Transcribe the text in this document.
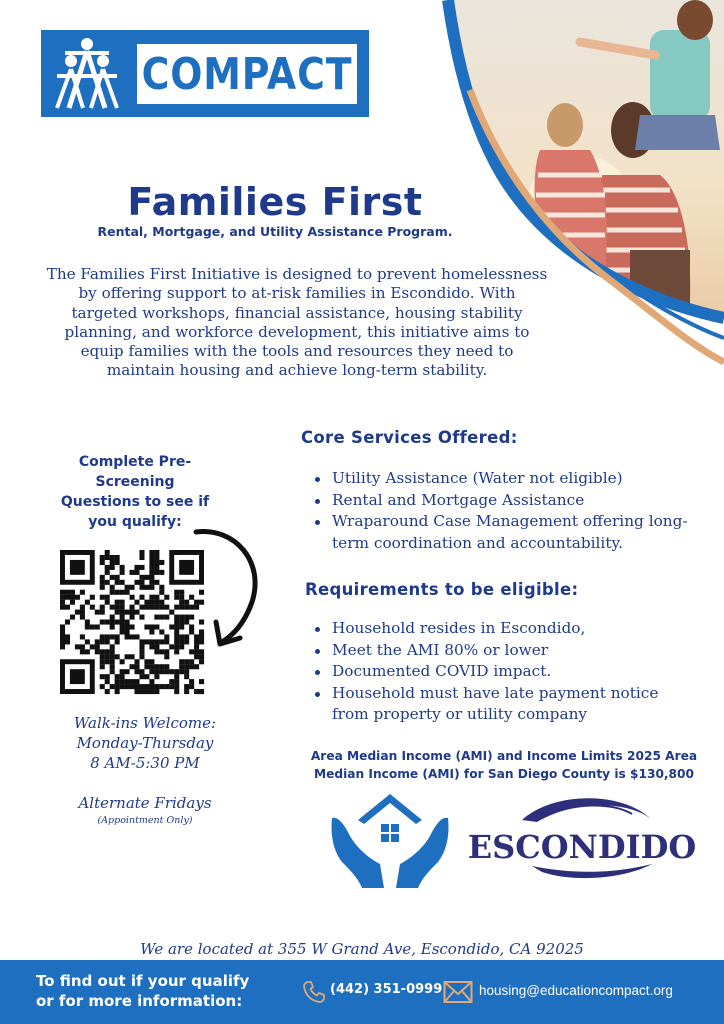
COMPACT
Families First
Rental, Mortgage, and Utility Assistance Program.
The Families First Initiative is designed to prevent homelessness
by offering support to at-risk families in Escondido. With
targeted workshops, financial assistance, housing stability
planning, and workforce development, this initiative aims to
equip families with the tools and resources they need to
maintain housing and achieve long-term stability.
Complete Pre-
Screening
Questions to see if
you qualify:
Walk-ins Welcome:
Monday-Thursday
8 AM-5:30 PM
Alternate Fridays
(Appointment Only)
Core Services Offered:
Utility Assistance (Water not eligible)
Rental and Mortgage Assistance
Wraparound Case Management offering long-term coordination and accountability.
Requirements to be eligible:
Household resides in Escondido,
Meet the AMI 80% or lower
Documented COVID impact.
Household must have late payment notice from property or utility company
Area Median Income (AMI) and Income Limits 2025 Area
Median Income (AMI) for San Diego County is $130,800
ESCONDIDO
We are located at 355 W Grand Ave, Escondido, CA 92025
To find out if your qualify
or for more information:
(442) 351-0999	housing@educationcompact.org
